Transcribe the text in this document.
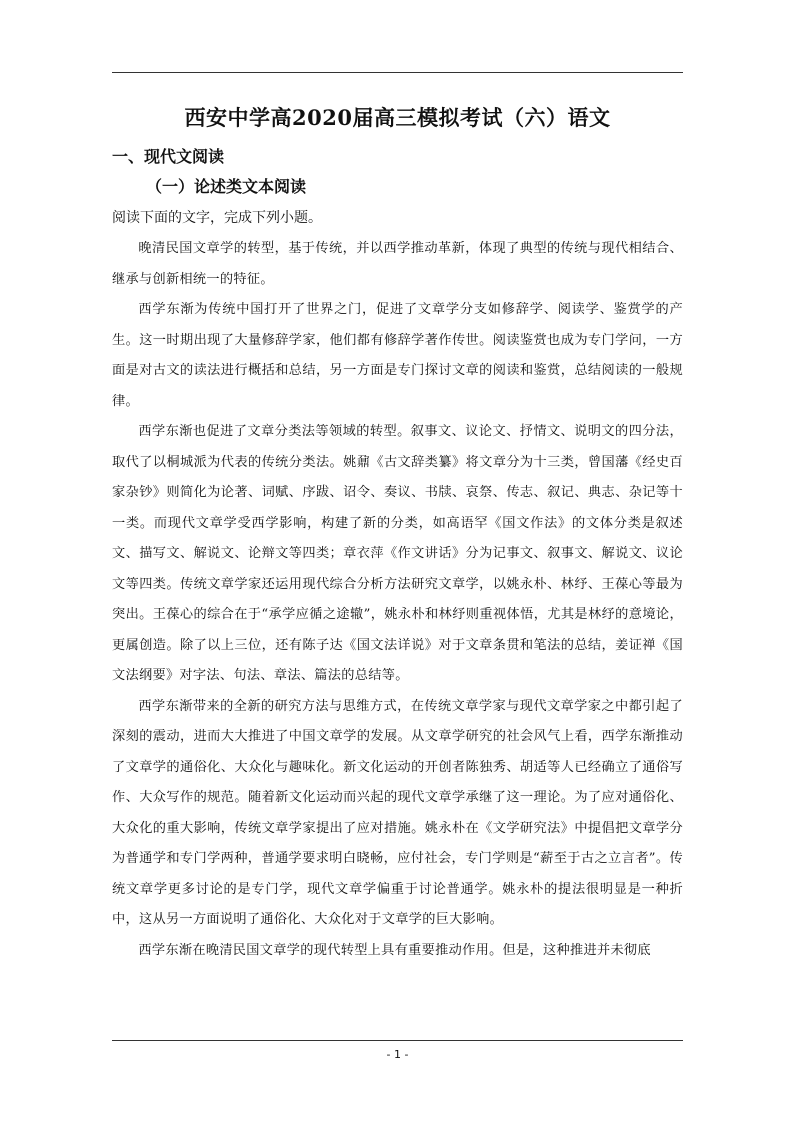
西安中学高2020届高三模拟考试（六）语文
一、现代文阅读
（一）论述类文本阅读
阅读下面的文字，完成下列小题。

晚清民国文章学的转型，基于传统，并以西学推动革新，体现了典型的传统与现代相结合、继承与创新相统一的特征。

西学东渐为传统中国打开了世界之门，促进了文章学分支如修辞学、阅读学、鉴赏学的产生。这一时期出现了大量修辞学家，他们都有修辞学著作传世。阅读鉴赏也成为专门学问，一方面是对古文的读法进行概括和总结，另一方面是专门探讨文章的阅读和鉴赏，总结阅读的一般规律。

西学东渐也促进了文章分类法等领域的转型。叙事文、议论文、抒情文、说明文的四分法，取代了以桐城派为代表的传统分类法。姚鼐《古文辞类纂》将文章分为十三类，曾国藩《经史百家杂钞》则简化为论著、词赋、序跋、诏令、奏议、书牍、哀祭、传志、叙记、典志、杂记等十一类。而现代文章学受西学影响，构建了新的分类，如高语罕《国文作法》的文体分类是叙述文、描写文、解说文、论辩文等四类；章衣萍《作文讲话》分为记事文、叙事文、解说文、议论文等四类。传统文章学家还运用现代综合分析方法研究文章学，以姚永朴、林纾、王葆心等最为突出。王葆心的综合在于“承学应循之途辙”，姚永朴和林纾则重视体悟，尤其是林纾的意境论，更属创造。除了以上三位，还有陈子达《国文法详说》对于文章条贯和笔法的总结，姜证禅《国文法纲要》对字法、句法、章法、篇法的总结等。

西学东渐带来的全新的研究方法与思维方式，在传统文章学家与现代文章学家之中都引起了深刻的震动，进而大大推进了中国文章学的发展。从文章学研究的社会风气上看，西学东渐推动了文章学的通俗化、大众化与趣味化。新文化运动的开创者陈独秀、胡适等人已经确立了通俗写作、大众写作的规范。随着新文化运动而兴起的现代文章学承继了这一理论。为了应对通俗化、大众化的重大影响，传统文章学家提出了应对措施。姚永朴在《文学研究法》中提倡把文章学分为普通学和专门学两种，普通学要求明白晓畅，应付社会，专门学则是“薪至于古之立言者”。传统文章学更多讨论的是专门学，现代文章学偏重于讨论普通学。姚永朴的提法很明显是一种折中，这从另一方面说明了通俗化、大众化对于文章学的巨大影响。

西学东渐在晚清民国文章学的现代转型上具有重要推动作用。但是，这种推进并未彻底

- 1 -
